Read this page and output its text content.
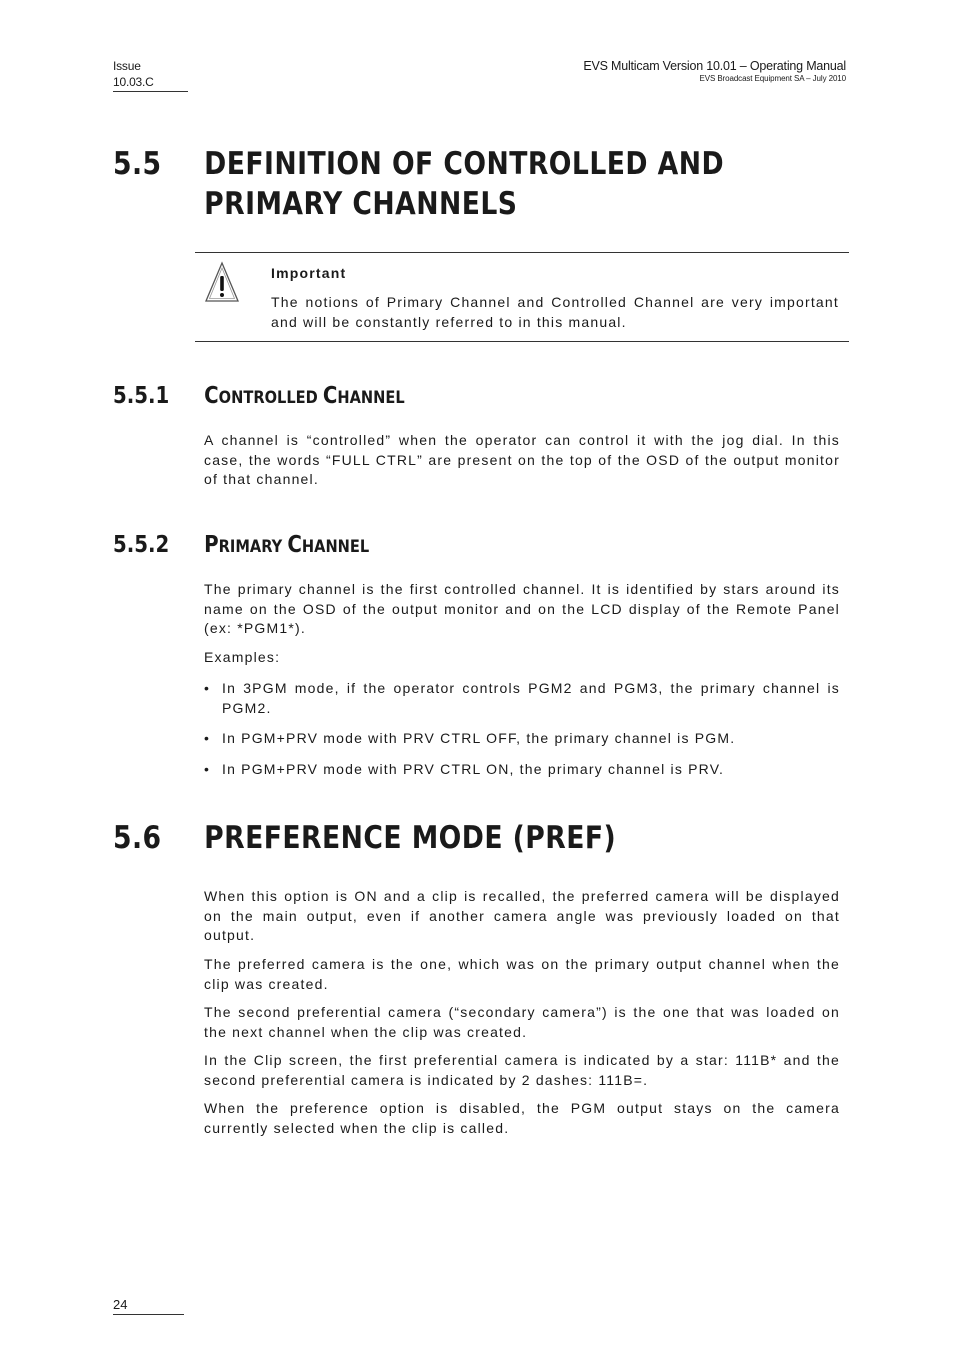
Issue
10.03.C
EVS Multicam Version 10.01 – Operating Manual
EVS Broadcast Equipment SA – July 2010
5.5 DEFINITION OF CONTROLLED AND
PRIMARY CHANNELS
Important
The notions of Primary Channel and Controlled Channel are very important and will be constantly referred to in this manual.
5.5.1 CONTROLLED CHANNEL
A channel is “controlled” when the operator can control it with the jog dial. In this case, the words “FULL CTRL” are present on the top of the OSD of the output monitor of that channel.
5.5.2 PRIMARY CHANNEL
The primary channel is the first controlled channel. It is identified by stars around its name on the OSD of the output monitor and on the LCD display of the Remote Panel (ex: *PGM1*).
Examples:
• In 3PGM mode, if the operator controls PGM2 and PGM3, the primary channel is PGM2.
• In PGM+PRV mode with PRV CTRL OFF, the primary channel is PGM.
• In PGM+PRV mode with PRV CTRL ON, the primary channel is PRV.
5.6 PREFERENCE MODE (PREF)
When this option is ON and a clip is recalled, the preferred camera will be displayed on the main output, even if another camera angle was previously loaded on that output.
The preferred camera is the one, which was on the primary output channel when the clip was created.
The second preferential camera (“secondary camera”) is the one that was loaded on the next channel when the clip was created.
In the Clip screen, the first preferential camera is indicated by a star: 111B* and the second preferential camera is indicated by 2 dashes: 111B=.
When the preference option is disabled, the PGM output stays on the camera currently selected when the clip is called.
24
